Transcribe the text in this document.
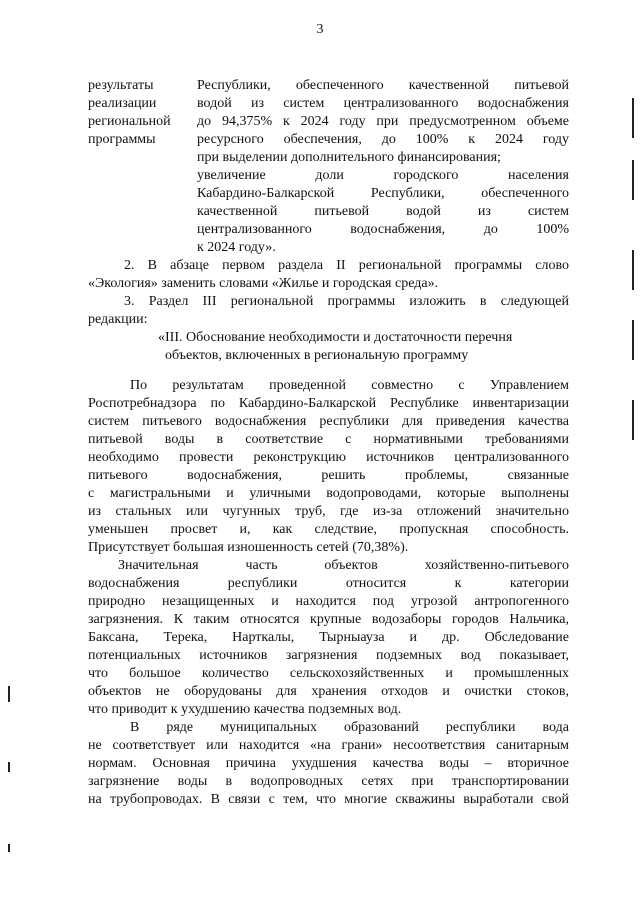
3
результаты
реализации
региональной
программы
Республики, обеспеченного качественной питьевой
водой из систем централизованного водоснабжения
до 94,375% к 2024 году при предусмотренном объеме
ресурсного обеспечения, до 100% к 2024 году
при выделении дополнительного финансирования;
увеличение доли городского населения
Кабардино-Балкарской Республики, обеспеченного
качественной питьевой водой из систем
централизованного водоснабжения, до 100%
к 2024 году».
2. В абзаце первом раздела II региональной программы слово
«Экология» заменить словами «Жилье и городская среда».
3. Раздел III региональной программы изложить в следующей
редакции:
«III. Обоснование необходимости и достаточности перечня
объектов, включенных в региональную программу
По результатам проведенной совместно с Управлением
Роспотребнадзора по Кабардино-Балкарской Республике инвентаризации
систем питьевого водоснабжения республики для приведения качества
питьевой воды в соответствие с нормативными требованиями
необходимо провести реконструкцию источников централизованного
питьевого водоснабжения, решить проблемы, связанные
с магистральными и уличными водопроводами, которые выполнены
из стальных или чугунных труб, где из-за отложений значительно
уменьшен просвет и, как следствие, пропускная способность.
Присутствует большая изношенность сетей (70,38%).
Значительная часть объектов хозяйственно-питьевого
водоснабжения республики относится к категории
природно незащищенных и находится под угрозой антропогенного
загрязнения. К таким относятся крупные водозаборы городов Нальчика,
Баксана, Терека, Нарткалы, Тырныауза и др. Обследование
потенциальных источников загрязнения подземных вод показывает,
что большое количество сельскохозяйственных и промышленных
объектов не оборудованы для хранения отходов и очистки стоков,
что приводит к ухудшению качества подземных вод.
В ряде муниципальных образований республики вода
не соответствует или находится «на грани» несоответствия санитарным
нормам. Основная причина ухудшения качества воды – вторичное
загрязнение воды в водопроводных сетях при транспортировании
на трубопроводах. В связи с тем, что многие скважины выработали свой
